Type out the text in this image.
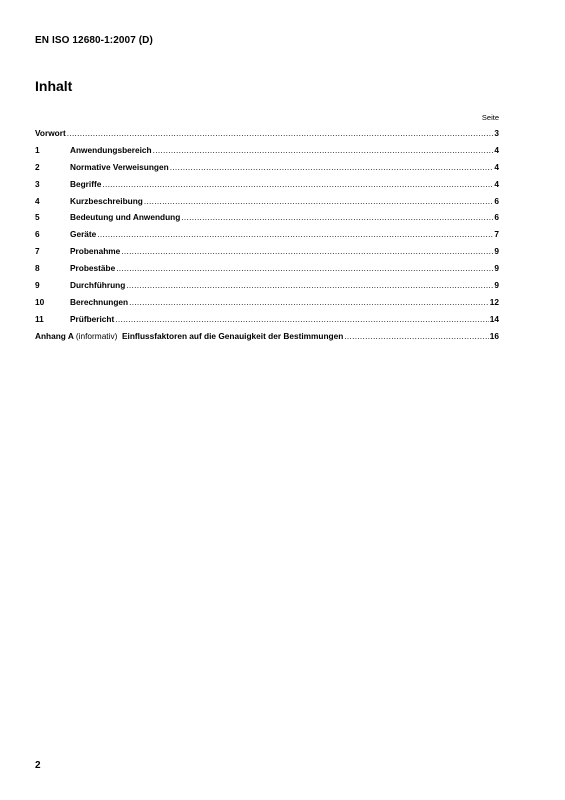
EN ISO 12680-1:2007 (D)
Inhalt
Seite
Vorwort .....	3
1	Anwendungsbereich .....	4
2	Normative Verweisungen .....	4
3	Begriffe .....	4
4	Kurzbeschreibung .....	6
5	Bedeutung und Anwendung .....	6
6	Geräte .....	7
7	Probenahme .....	9
8	Probestäbe .....	9
9	Durchführung .....	9
10	Berechnungen .....	12
11	Prüfbericht .....	14
Anhang A (informativ) Einflussfaktoren auf die Genauigkeit der Bestimmungen .....	16
2
